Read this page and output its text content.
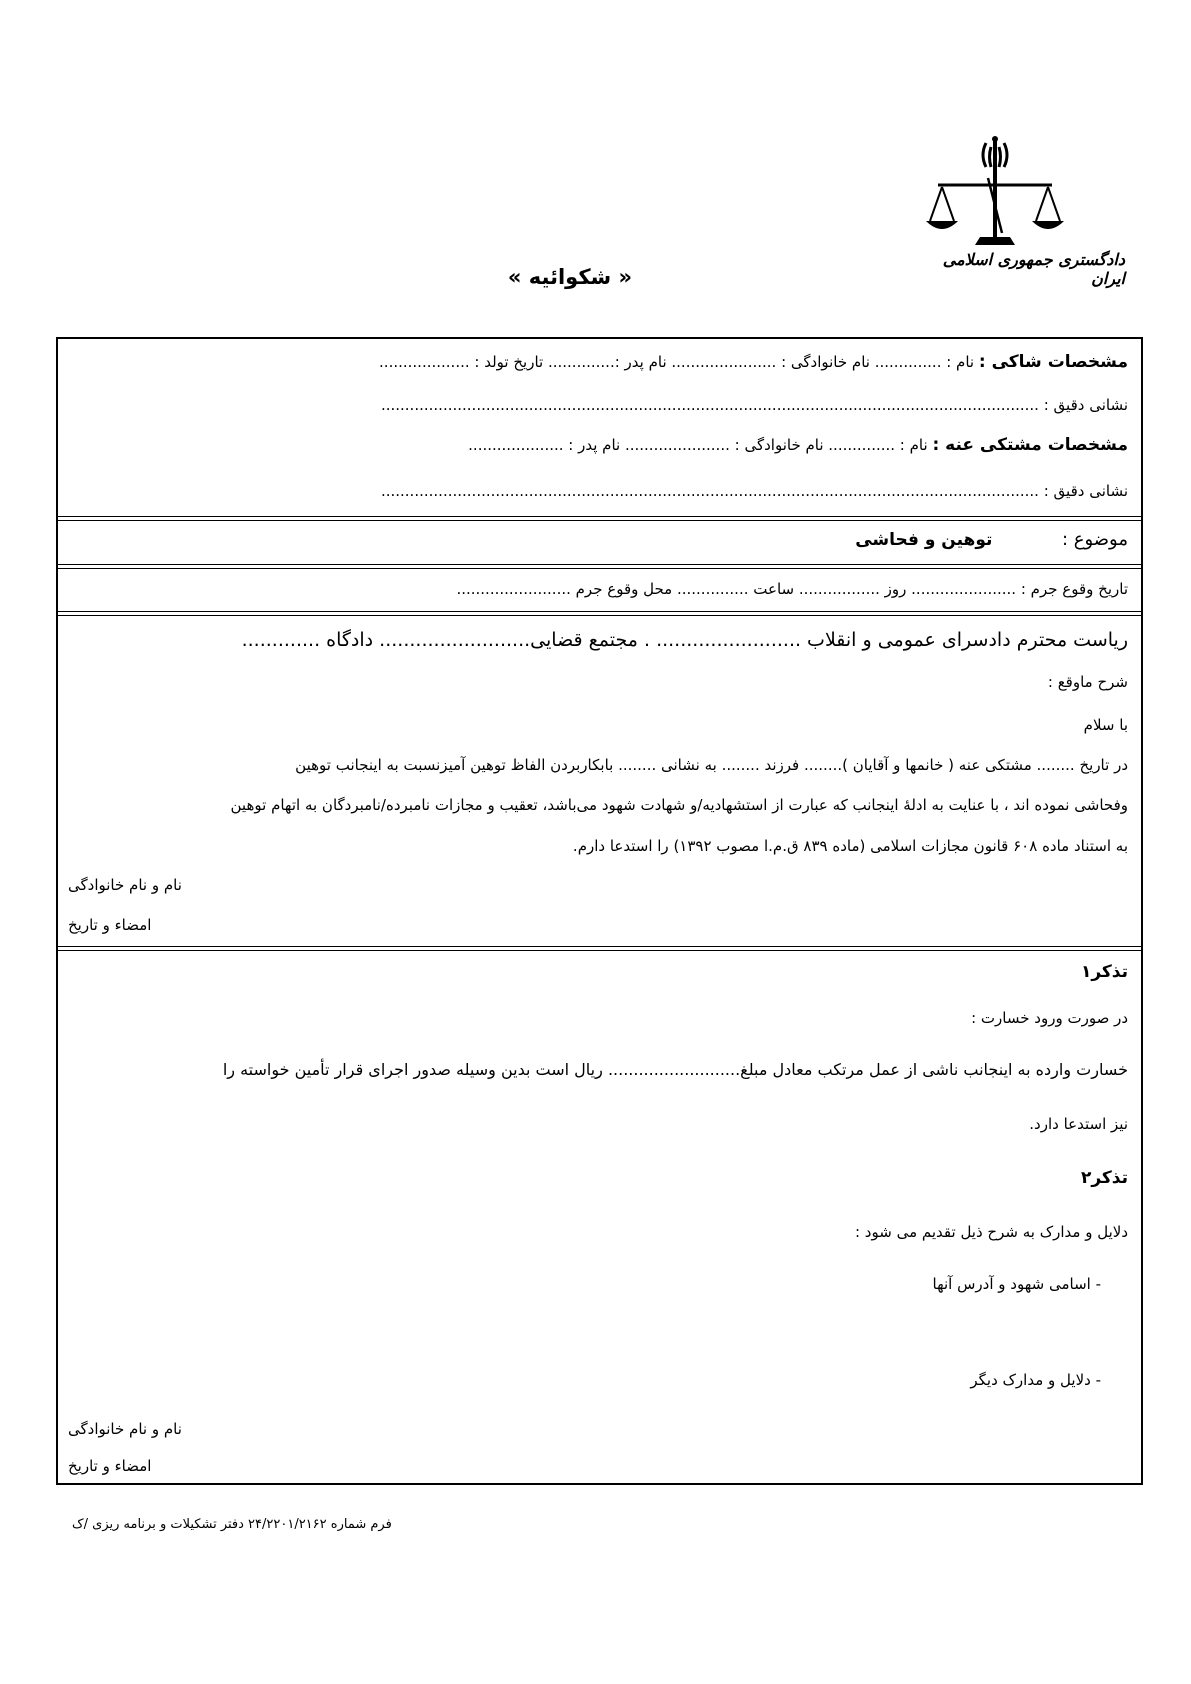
دادگستری جمهوری اسلامی ایران
« شکوائیه »
مشخصات شاکی : نام : .............. نام خانوادگی : ...................... نام پدر :.............. تاریخ تولد : ...................
نشانی دقیق : ..........................................................................................................................................
مشخصات مشتکی عنه : نام : .............. نام خانوادگی : ...................... نام پدر : ....................
نشانی دقیق : ..........................................................................................................................................
موضوع :  توهین و فحاشی
تاریخ وقوع جرم : ...................... روز ................. ساعت ............... محل وقوع جرم ........................
ریاست محترم دادسرای عمومی و انقلاب ........................ . مجتمع قضایی......................... دادگاه .............
شرح ماوقع :
با سلام
در تاریخ ........ مشتکی عنه ( خانمها و آقایان )........ فرزند ........ به نشانی ........ بابکاربردن الفاظ توهین آمیزنسبت به اینجانب توهین
وفحاشی نموده اند ، با عنایت به ادلهٔ اینجانب که عبارت از استشهادیه/و شهادت شهود می‌باشد، تعقیب و مجازات نامبرده/نامبردگان به اتهام توهین
به استناد ماده ۶۰۸ قانون مجازات اسلامی (ماده ۸۳۹ ق.م.ا مصوب ۱۳۹۲) را استدعا دارم.
نام و نام خانوادگی
امضاء و تاریخ
تذکر۱
در صورت ورود خسارت :
خسارت وارده به اینجانب ناشی از عمل مرتکب معادل مبلغ.......................... ریال است بدین وسیله صدور اجرای قرار تأمین خواسته را
نیز استدعا دارد.
تذکر۲
دلایل و مدارک به شرح ذیل تقدیم می شود :
- اسامی شهود و آدرس آنها
- دلایل و مدارک دیگر
نام و نام خانوادگی
امضاء و تاریخ
فرم شماره ۲۴/۲۲۰۱/۲۱۶۲ دفتر تشکیلات و برنامه ریزی /ک
